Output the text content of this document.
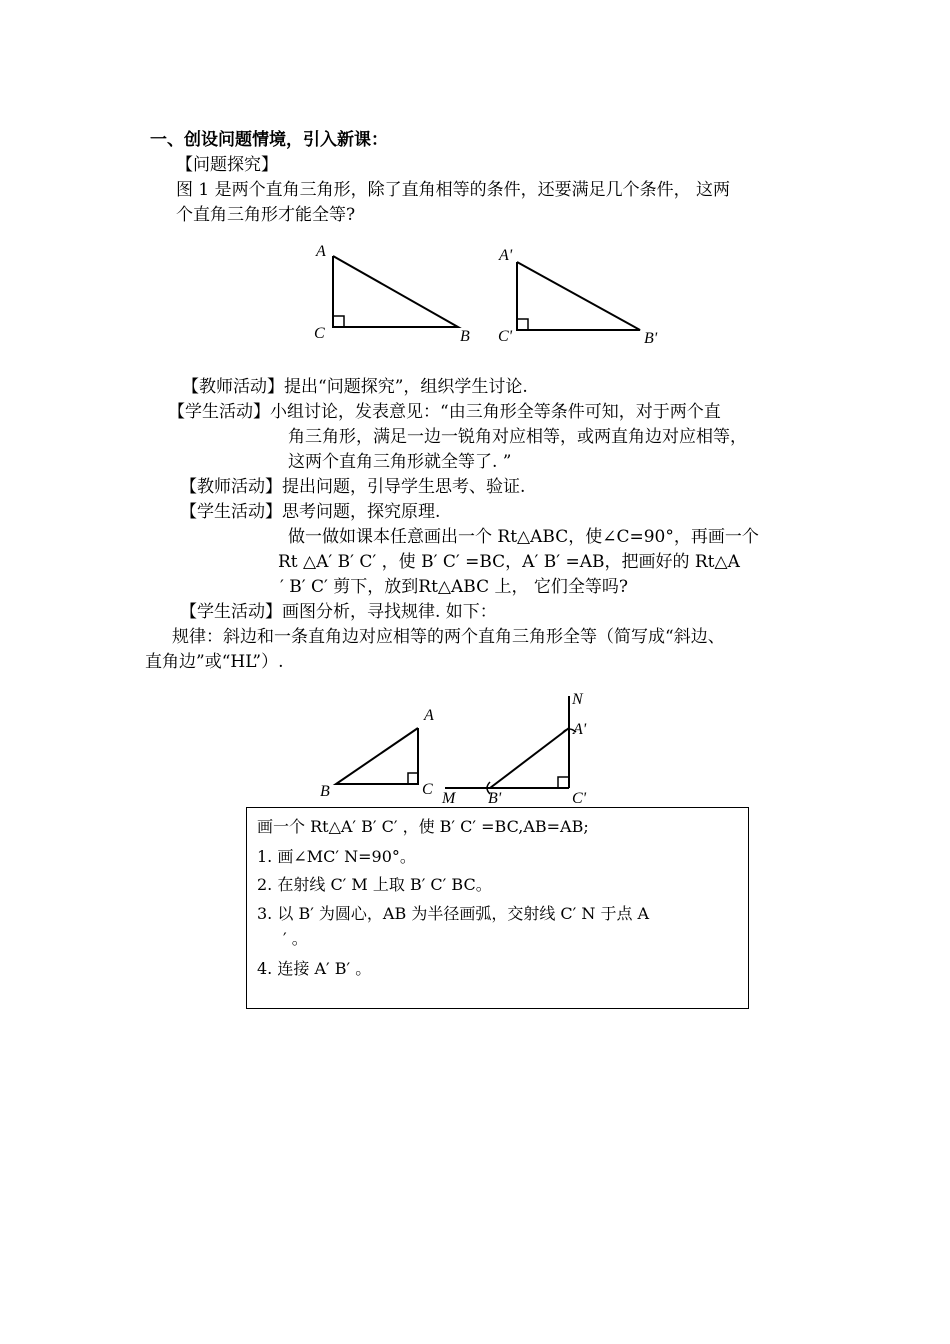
一、创设问题情境，引入新课：
【问题探究】
图 1 是两个直角三角形，除了直角相等的条件，还要满足几个条件， 这两
个直角三角形才能全等?
A
C	B
A'
C'	B'
【教师活动】提出“问题探究”，组织学生讨论.
【学生活动】小组讨论，发表意见：“由三角形全等条件可知，对于两个直
角三角形，满足一边一锐角对应相等，或两直角边对应相等，
这两个直角三角形就全等了. ”
【教师活动】提出问题，引导学生思考、验证.
【学生活动】思考问题，探究原理.
做一做如课本任意画出一个 Rt△ABC，使∠C=90°，再画一个
Rt △A′ B′ C′ ，使 B′ C′ =BC，A′ B′ =AB，把画好的 Rt△A
′ B′ C′ 剪下，放到Rt△ABC 上， 它们全等吗?
【学生活动】画图分析，寻找规律. 如下：
规律：斜边和一条直角边对应相等的两个直角三角形全等（简写成“斜边、
直角边”或“HL”）.
A
B	C
N
A'
M B'	C'
画一个 Rt△A′ B′ C′ ，使 B′ C′ =BC,AB=AB;
1. 画∠MC′ N=90°。
2. 在射线 C′ M 上取 B′ C′ BC。
3. 以 B′ 为圆心，AB 为半径画弧，交射线 C′ N 于点 A
′ 。
4. 连接 A′ B′ 。
